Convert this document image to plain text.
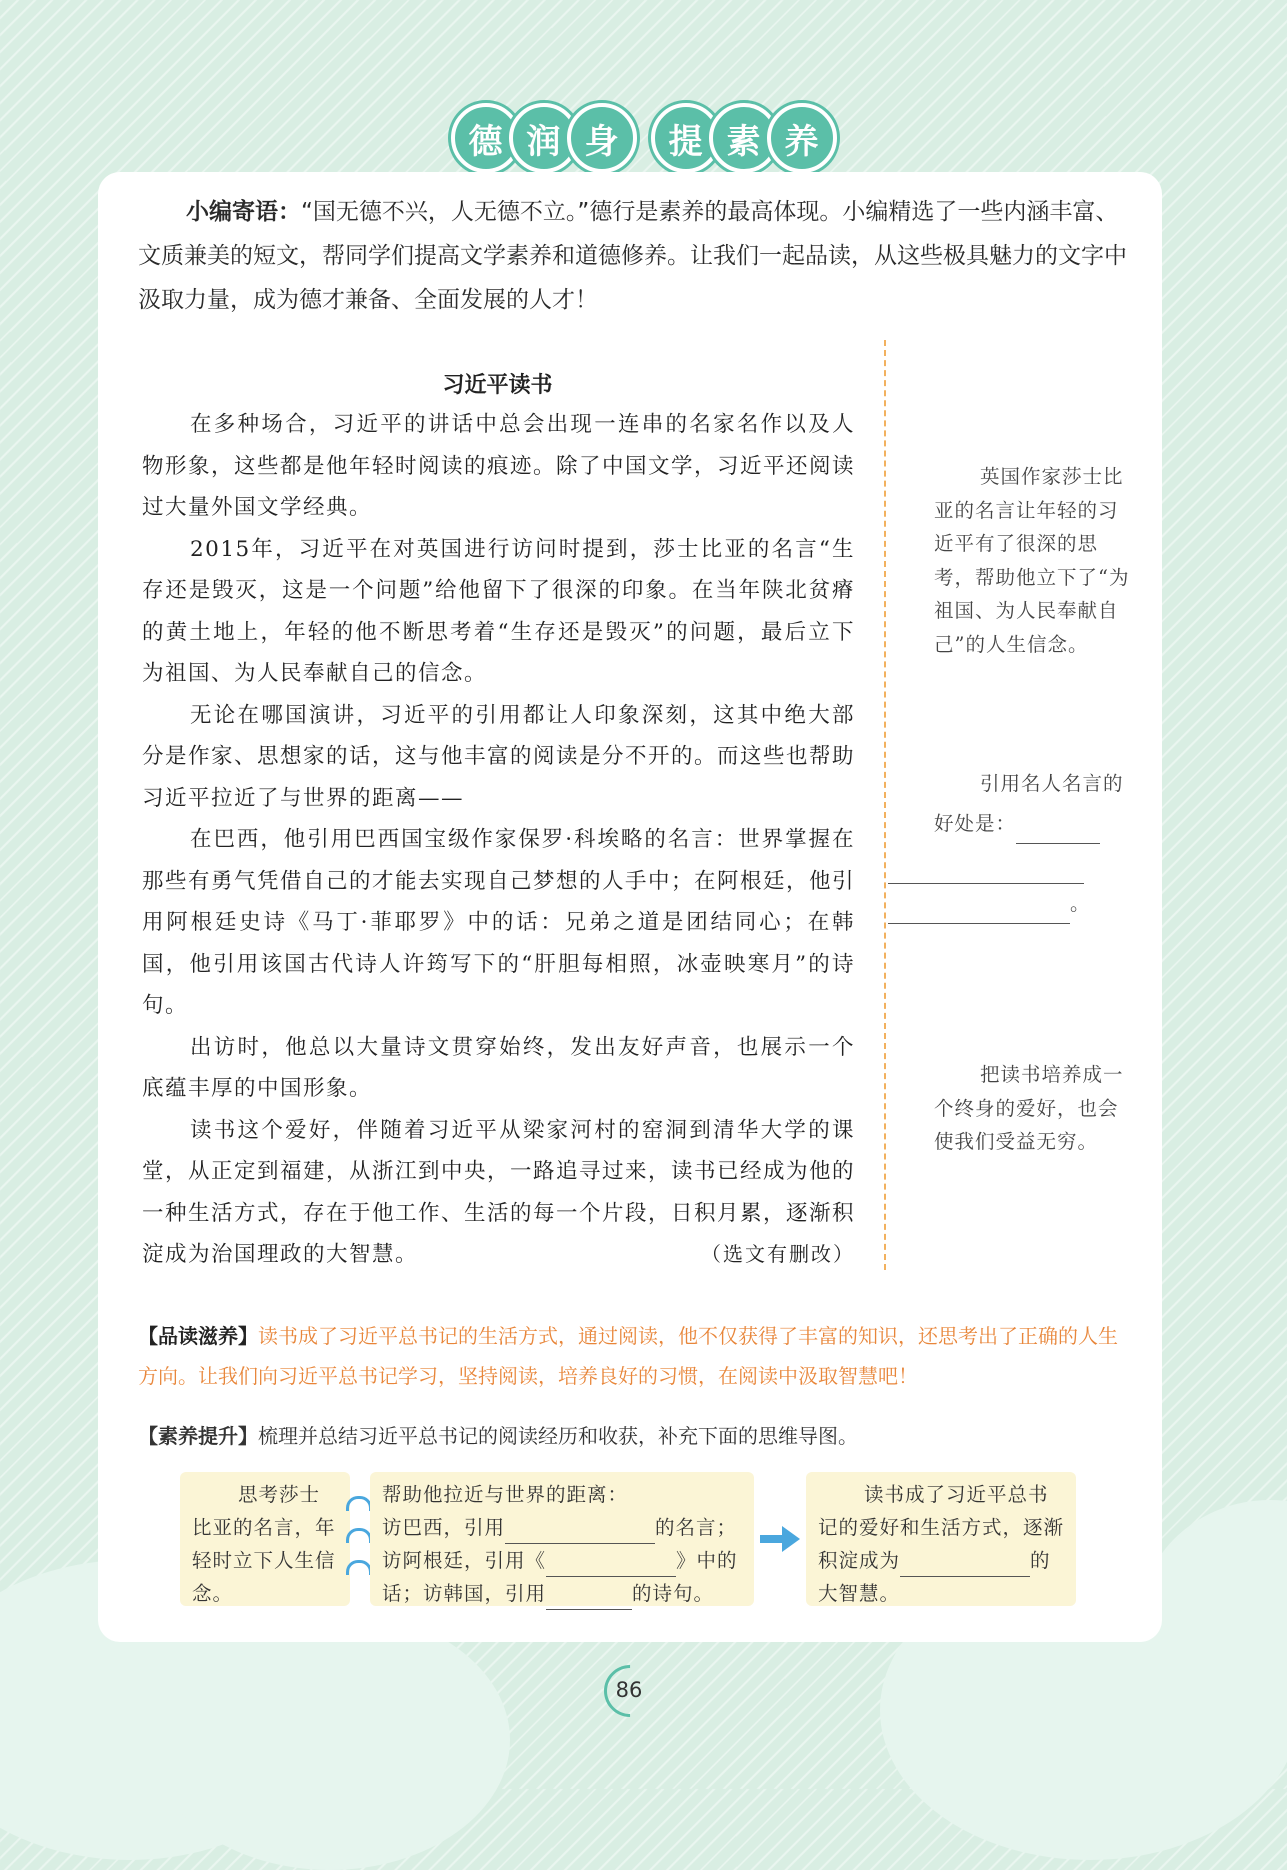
德 润 身	提 素 养
小编寄语：“国无德不兴，人无德不立。”德行是素养的最高体现。小编精选了一些内涵丰富、文质兼美的短文，帮同学们提高文学素养和道德修养。让我们一起品读，从这些极具魅力的文字中汲取力量，成为德才兼备、全面发展的人才！
习近平读书

在多种场合，习近平的讲话中总会出现一连串的名家名作以及人物形象，这些都是他年轻时阅读的痕迹。除了中国文学，习近平还阅读过大量外国文学经典。

2015年，习近平在对英国进行访问时提到，莎士比亚的名言“生存还是毁灭，这是一个问题”给他留下了很深的印象。在当年陕北贫瘠的黄土地上，年轻的他不断思考着“生存还是毁灭”的问题，最后立下为祖国、为人民奉献自己的信念。

无论在哪国演讲，习近平的引用都让人印象深刻，这其中绝大部分是作家、思想家的话，这与他丰富的阅读是分不开的。而这些也帮助习近平拉近了与世界的距离——

在巴西，他引用巴西国宝级作家保罗·科埃略的名言：世界掌握在那些有勇气凭借自己的才能去实现自己梦想的人手中；在阿根廷，他引用阿根廷史诗《马丁·菲耶罗》中的话：兄弟之道是团结同心；在韩国，他引用该国古代诗人许筠写下的“肝胆每相照，冰壶映寒月”的诗句。

出访时，他总以大量诗文贯穿始终，发出友好声音，也展示一个底蕴丰厚的中国形象。

读书这个爱好，伴随着习近平从梁家河村的窑洞到清华大学的课堂，从正定到福建，从浙江到中央，一路追寻过来，读书已经成为他的一种生活方式，存在于他工作、生活的每一个片段，日积月累，逐渐积淀成为治国理政的大智慧。	（选文有删改）

英国作家莎士比亚的名言让年轻的习近平有了很深的思考，帮助他立下了“为祖国、为人民奉献自己”的人生信念。
引用名人名言的好处是：

。
把读书培养成一个终身的爱好，也会使我们受益无穷。
【品读滋养】读书成了习近平总书记的生活方式，通过阅读，他不仅获得了丰富的知识，还思考出了正确的人生方向。让我们向习近平总书记学习，坚持阅读，培养良好的习惯，在阅读中汲取智慧吧！
【素养提升】梳理并总结习近平总书记的阅读经历和收获，补充下面的思维导图。
思考莎士比亚的名言，年轻时立下人生信念。
帮助他拉近与世界的距离：
访巴西，引用	的名言；
访阿根廷，引用《	》中的
话；访韩国，引用	的诗句。
读书成了习近平总书记的爱好和生活方式，逐渐积淀成为	的大智慧。
86
